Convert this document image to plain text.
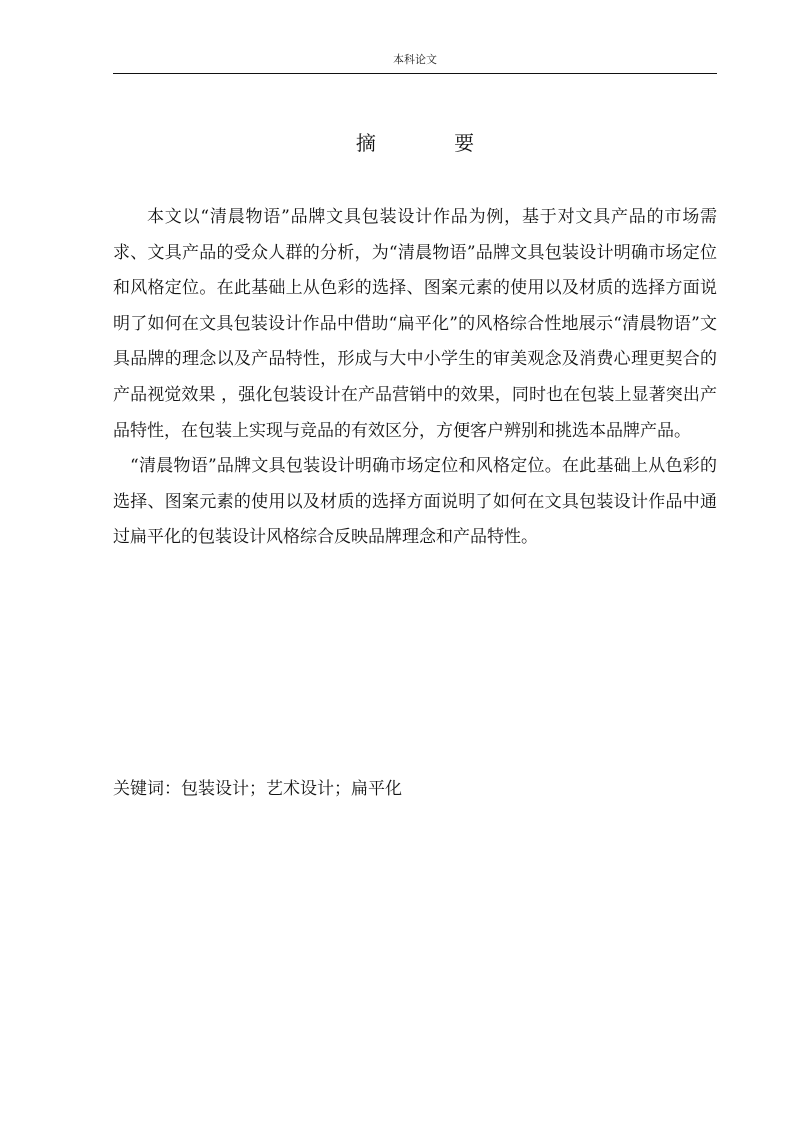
本科论文
摘 要

本文以“清晨物语”品牌文具包装设计作品为例，基于对文具产品的市场需求、文具产品的受众人群的分析，为“清晨物语”品牌文具包装设计明确市场定位和风格定位。在此基础上从色彩的选择、图案元素的使用以及材质的选择方面说明了如何在文具包装设计作品中借助“扁平化”的风格综合性地展示“清晨物语”文具品牌的理念以及产品特性，形成与大中小学生的审美观念及消费心理更契合的产品视觉效果 ，强化包装设计在产品营销中的效果，同时也在包装上显著突出产品特性，在包装上实现与竞品的有效区分，方便客户辨别和挑选本品牌产品。

“清晨物语”品牌文具包装设计明确市场定位和风格定位。在此基础上从色彩的选择、图案元素的使用以及材质的选择方面说明了如何在文具包装设计作品中通过扁平化的包装设计风格综合反映品牌理念和产品特性。

关键词：包装设计；艺术设计；扁平化
